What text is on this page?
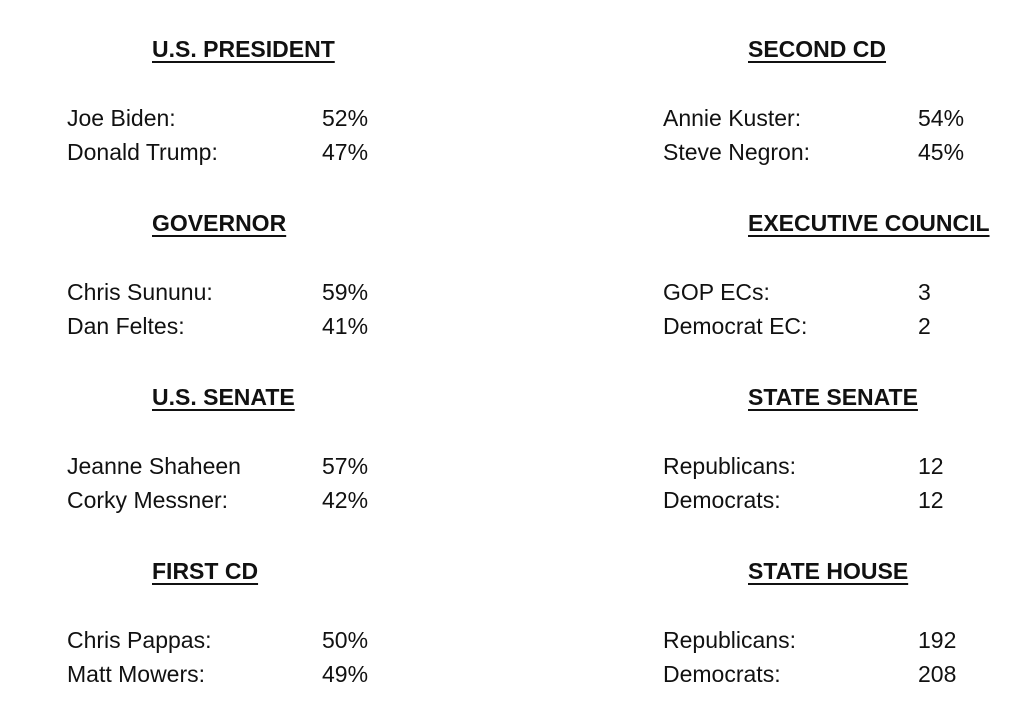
U.S. PRESIDENT
Joe Biden:	52%
Donald Trump:	47%
GOVERNOR
Chris Sununu:	59%
Dan Feltes:	41%
U.S. SENATE
Jeanne Shaheen	57%
Corky Messner:	42%
FIRST CD
Chris Pappas:	50%
Matt Mowers:	49%
SECOND CD
Annie Kuster:	54%
Steve Negron:	45%
EXECUTIVE COUNCIL
GOP ECs:	3
Democrat EC:	2
STATE SENATE
Republicans:	12
Democrats:	12
STATE HOUSE
Republicans:	192
Democrats:	208
